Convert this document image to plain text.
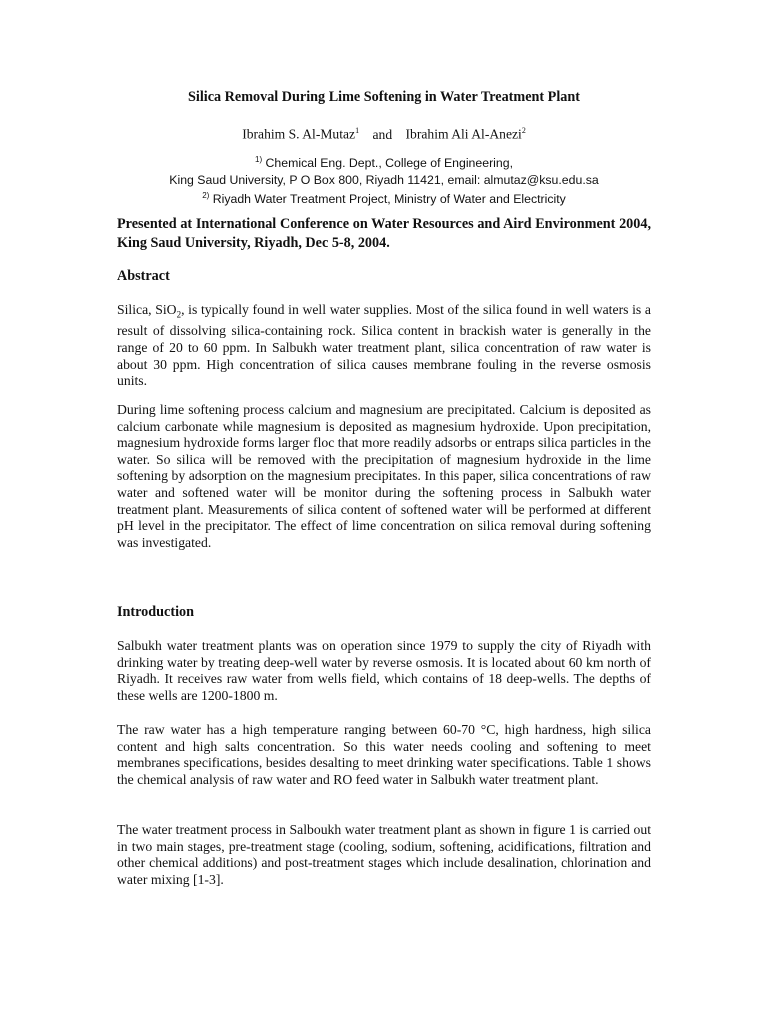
Silica Removal During Lime Softening in Water Treatment Plant
Ibrahim S. Al-Mutaz$^1$ and Ibrahim Ali Al-Anezi$^2$
$^{1)}$ Chemical Eng. Dept., College of Engineering,
King Saud University, P O Box 800, Riyadh 11421, email: almutaz@ksu.edu.sa
$^{2)}$ Riyadh Water Treatment Project, Ministry of Water and Electricity
Presented at International Conference on Water Resources and Aird Environment 2004, King Saud University, Riyadh, Dec 5-8, 2004.
Abstract
Silica, SiO$_2$, is typically found in well water supplies. Most of the silica found in well waters is a result of dissolving silica-containing rock. Silica content in brackish water is generally in the range of 20 to 60 ppm. In Salbukh water treatment plant, silica concentration of raw water is about 30 ppm. High concentration of silica causes membrane fouling in the reverse osmosis units.
During lime softening process calcium and magnesium are precipitated. Calcium is deposited as calcium carbonate while magnesium is deposited as magnesium hydroxide. Upon precipitation, magnesium hydroxide forms larger floc that more readily adsorbs or entraps silica particles in the water. So silica will be removed with the precipitation of magnesium hydroxide in the lime softening by adsorption on the magnesium precipitates. In this paper, silica concentrations of raw water and softened water will be monitor during the softening process in Salbukh water treatment plant. Measurements of silica content of softened water will be performed at different pH level in the precipitator. The effect of lime concentration on silica removal during softening was investigated.
Introduction
Salbukh water treatment plants was on operation since 1979 to supply the city of Riyadh with drinking water by treating deep-well water by reverse osmosis. It is located about 60 km north of Riyadh. It receives raw water from wells field, which contains of 18 deep-wells. The depths of these wells are 1200-1800 m.
The raw water has a high temperature ranging between 60-70 °C, high hardness, high silica content and high salts concentration. So this water needs cooling and softening to meet membranes specifications, besides desalting to meet drinking water specifications. Table 1 shows the chemical analysis of raw water and RO feed water in Salbukh water treatment plant.
The water treatment process in Salboukh water treatment plant as shown in figure 1 is carried out in two main stages, pre-treatment stage (cooling, sodium, softening, acidifications, filtration and other chemical additions) and post-treatment stages which include desalination, chlorination and water mixing [1-3].
